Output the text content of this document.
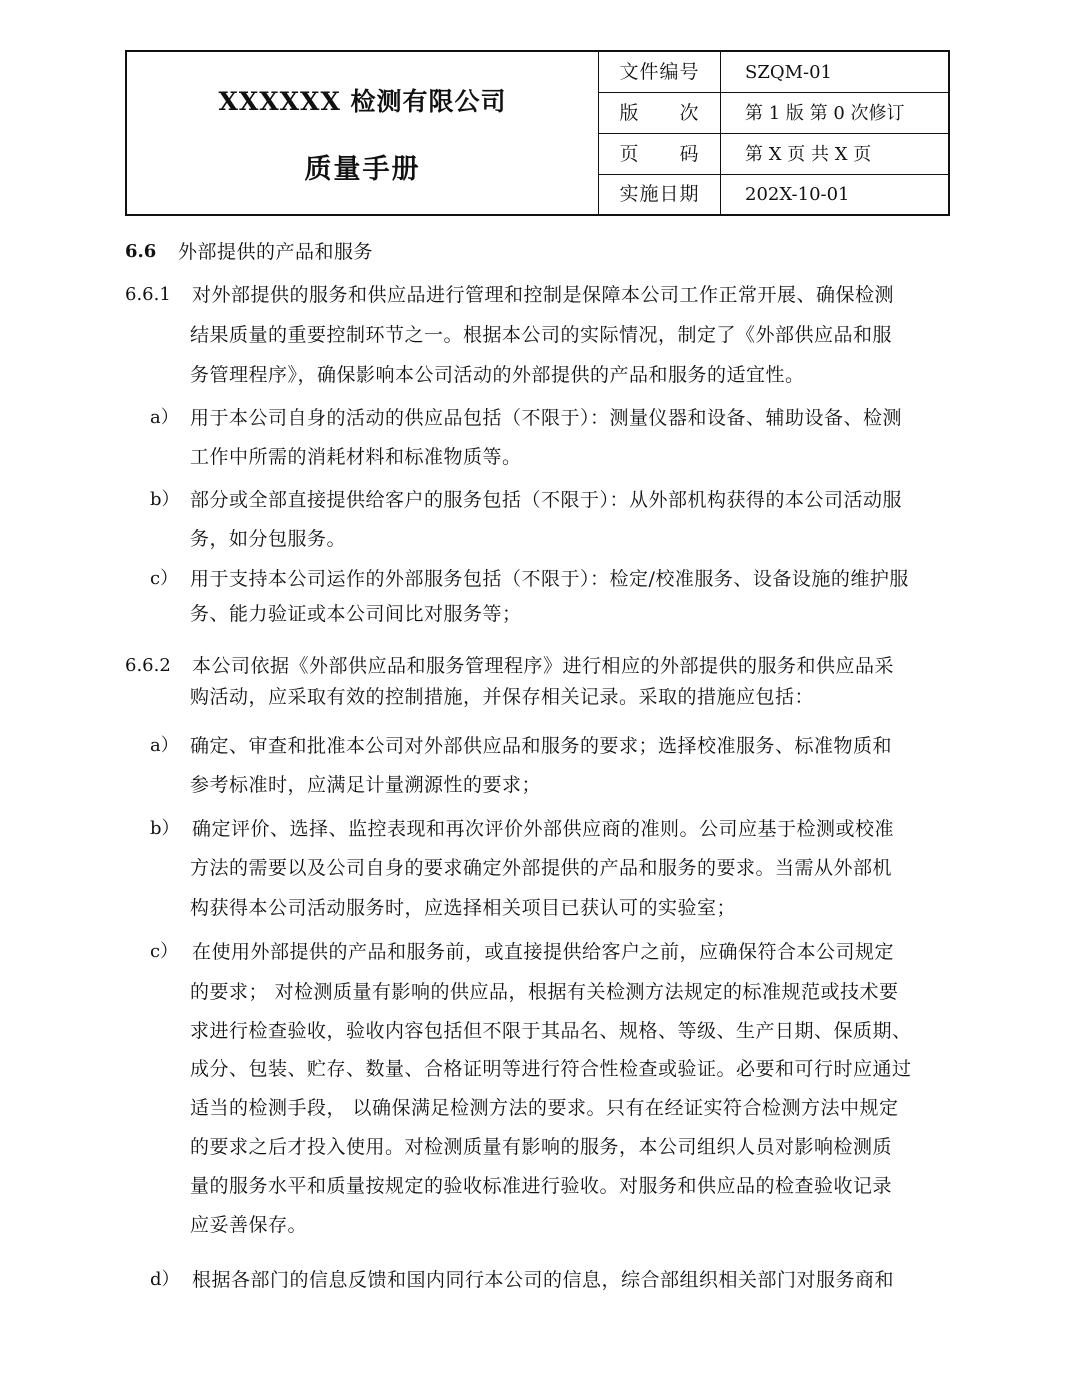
XXXXXX 检测有限公司
质量手册
文件编号	SZQM-01
版　　次	第 1 版 第 0 次修订
页　　码	第 X 页 共 X 页
实施日期	202X-10-01
6.6 外部提供的产品和服务
6.6.1 对外部提供的服务和供应品进行管理和控制是保障本公司工作正常开展、确保检测
结果质量的重要控制环节之一。根据本公司的实际情况，制定了《外部供应品和服
务管理程序》，确保影响本公司活动的外部提供的产品和服务的适宜性。
a） 用于本公司自身的活动的供应品包括（不限于）：测量仪器和设备、辅助设备、检测
工作中所需的消耗材料和标准物质等。
b） 部分或全部直接提供给客户的服务包括（不限于）：从外部机构获得的本公司活动服
务，如分包服务。
c） 用于支持本公司运作的外部服务包括（不限于）：检定/校准服务、设备设施的维护服
务、能力验证或本公司间比对服务等；
6.6.2 本公司依据《外部供应品和服务管理程序》进行相应的外部提供的服务和供应品采
购活动，应采取有效的控制措施，并保存相关记录。采取的措施应包括：
a） 确定、审查和批准本公司对外部供应品和服务的要求；选择校准服务、标准物质和
参考标准时，应满足计量溯源性的要求；
b） 确定评价、选择、监控表现和再次评价外部供应商的准则。公司应基于检测或校准
方法的需要以及公司自身的要求确定外部提供的产品和服务的要求。当需从外部机
构获得本公司活动服务时，应选择相关项目已获认可的实验室；
c） 在使用外部提供的产品和服务前，或直接提供给客户之前，应确保符合本公司规定
的要求； 对检测质量有影响的供应品，根据有关检测方法规定的标准规范或技术要
求进行检查验收，验收内容包括但不限于其品名、规格、等级、生产日期、保质期、
成分、包装、贮存、数量、合格证明等进行符合性检查或验证。必要和可行时应通过
适当的检测手段， 以确保满足检测方法的要求。只有在经证实符合检测方法中规定
的要求之后才投入使用。对检测质量有影响的服务，本公司组织人员对影响检测质
量的服务水平和质量按规定的验收标准进行验收。对服务和供应品的检查验收记录
应妥善保存。
d） 根据各部门的信息反馈和国内同行本公司的信息，综合部组织相关部门对服务商和
